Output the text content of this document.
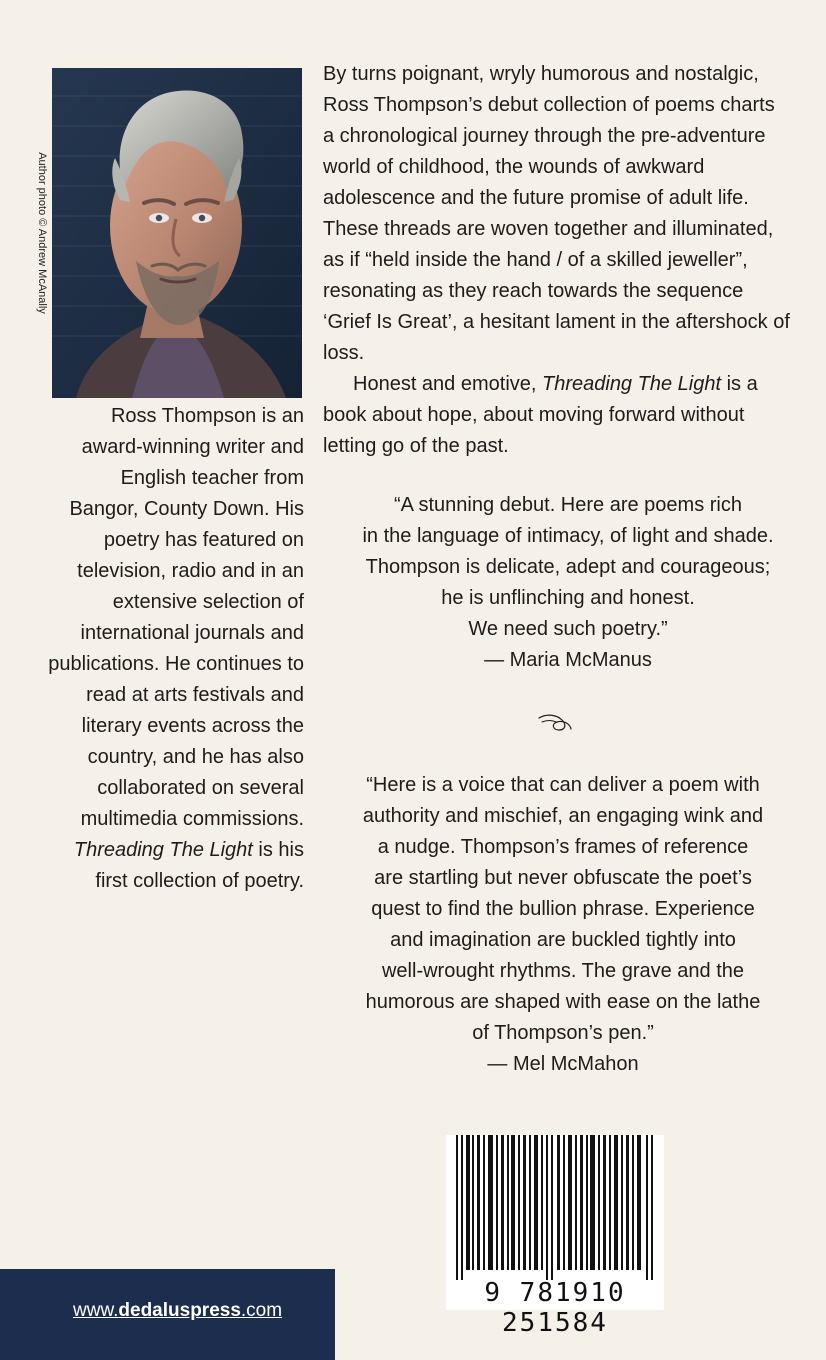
Author photo © Andrew McAnally

Ross Thompson is an award-winning writer and English teacher from Bangor, County Down. His poetry has featured on television, radio and in an extensive selection of international journals and publications. He continues to read at arts festivals and literary events across the country, and he has also collaborated on several multimedia commissions. Threading The Light is his first collection of poetry.

By turns poignant, wryly humorous and nostalgic, Ross Thompson’s debut collection of poems charts a chronological journey through the pre-adventure world of childhood, the wounds of awkward adolescence and the future promise of adult life. These threads are woven together and illuminated, as if “held inside the hand / of a skilled jeweller”, resonating as they reach towards the sequence ‘Grief Is Great’, a hesitant lament in the aftershock of loss.

Honest and emotive, Threading The Light is a book about hope, about moving forward without letting go of the past.

“A stunning debut. Here are poems rich
in the language of intimacy, of light and shade.
Thompson is delicate, adept and courageous;
he is unflinching and honest.
We need such poetry.”
— Maria McManus
“Here is a voice that can deliver a poem with
authority and mischief, an engaging wink and
a nudge. Thompson’s frames of reference
are startling but never obfuscate the poet’s
quest to find the bullion phrase. Experience
and imagination are buckled tightly into
well-wrought rhythms. The grave and the
humorous are shaped with ease on the lathe
of Thompson’s pen.”
— Mel McMahon
9 781910 251584
www.dedaluspress.com
